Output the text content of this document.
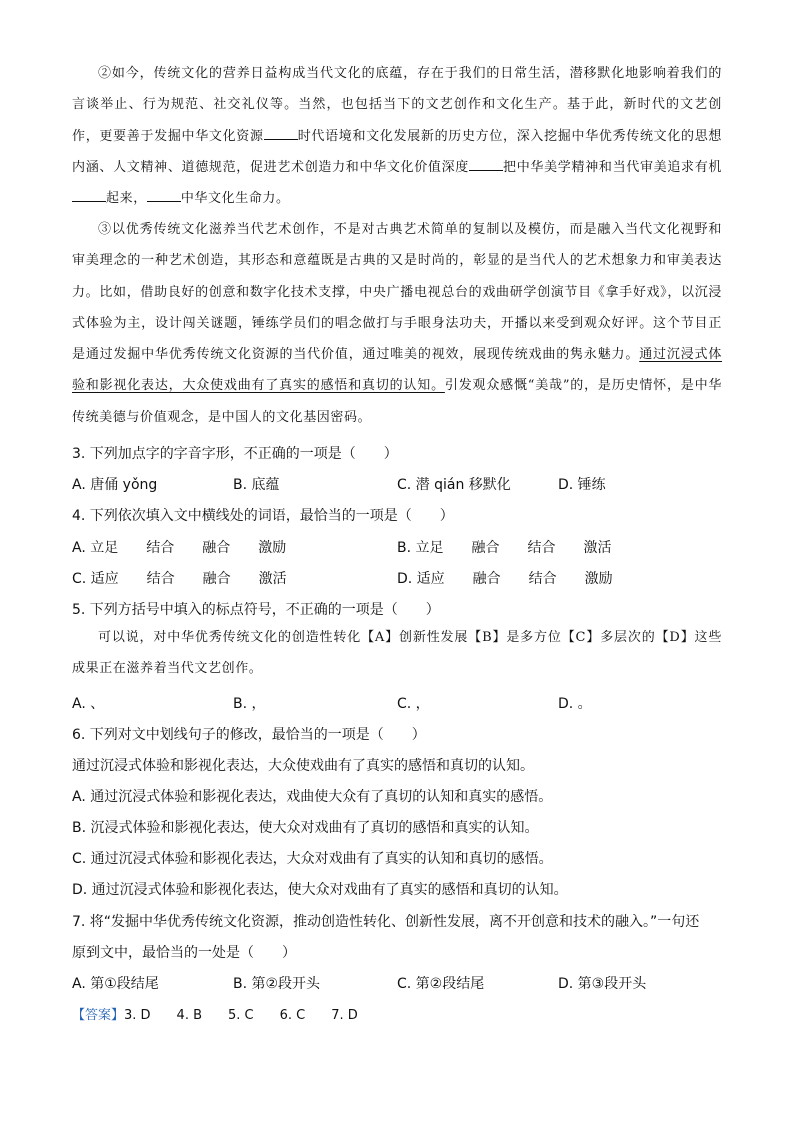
②如今，传统文化的营养日益构成当代文化的底蕴，存在于我们的日常生活，潜移默化地影响着我们的言谈举止、行为规范、社交礼仪等。当然，也包括当下的文艺创作和文化生产。基于此，新时代的文艺创作，更要善于发掘中华文化资源	时代语境和文化发展新的历史方位，深入挖掘中华优秀传统文化的思想内涵、人文精神、道德规范，促进艺术创造力和中华文化价值深度	把中华美学精神和当代审美追求有机起来，	中华文化生命力。

③以优秀传统文化滋养当代艺术创作，不是对古典艺术简单的复制以及模仿，而是融入当代文化视野和审美理念的一种艺术创造，其形态和意蕴既是古典的又是时尚的，彰显的是当代人的艺术想象力和审美表达力。比如，借助良好的创意和数字化技术支撑，中央广播电视总台的戏曲研学创演节目《拿手好戏》，以沉浸式体验为主，设计闯关谜题，锤练学员们的唱念做打与手眼身法功夫，开播以来受到观众好评。这个节目正是通过发掘中华优秀传统文化资源的当代价值，通过唯美的视效，展现传统戏曲的隽永魅力。通过沉浸式体验和影视化表达，大众使戏曲有了真实的感悟和真切的认知。引发观众感慨“美哉”的，是历史情怀，是中华传统美德与价值观念，是中国人的文化基因密码。

3. 下列加点字的字音字形，不正确的一项是（　　）
A. 唐俑 yǒng	B. 底蕴	C. 潜 qián 移默化	D. 锤练
4. 下列依次填入文中横线处的词语，最恰当的一项是（　　）
A. 立足　　结合　　融合　　激励	B. 立足　　融合　　结合　　激活
C. 适应　　结合　　融合　　激活	D. 适应　　融合　　结合　　激励
5. 下列方括号中填入的标点符号，不正确的一项是（　　）

可以说，对中华优秀传统文化的创造性转化【A】创新性发展【B】是多方位【C】多层次的【D】这些成果正在滋养着当代文艺创作。

A. 、	B. ，	C. ，	D. 。
6. 下列对文中划线句子的修改，最恰当的一项是（　　）
通过沉浸式体验和影视化表达，大众使戏曲有了真实的感悟和真切的认知。
A. 通过沉浸式体验和影视化表达，戏曲使大众有了真切的认知和真实的感悟。
B. 沉浸式体验和影视化表达，使大众对戏曲有了真切的感悟和真实的认知。
C. 通过沉浸式体验和影视化表达，大众对戏曲有了真实的认知和真切的感悟。
D. 通过沉浸式体验和影视化表达，使大众对戏曲有了真实的感悟和真切的认知。
7. 将“发掘中华优秀传统文化资源，推动创造性转化、创新性发展，离不开创意和技术的融入。”一句还
原到文中，最恰当的一处是（　　）
A. 第①段结尾	B. 第②段开头	C. 第②段结尾	D. 第③段开头
【答案】3. D　　4. B　　5. C　　6. C　　7. D
